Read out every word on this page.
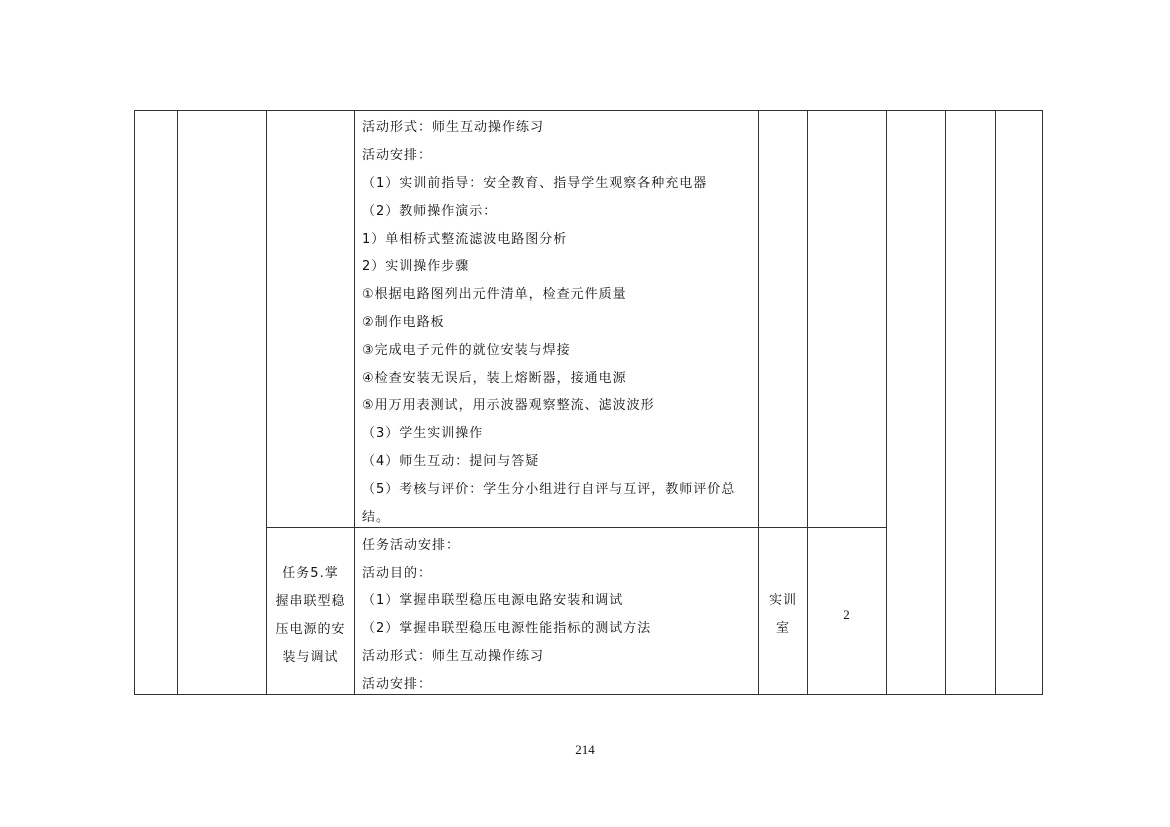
活动形式：师生互动操作练习
活动安排：
（1）实训前指导：安全教育、指导学生观察各种充电器
（2）教师操作演示：
1）单相桥式整流滤波电路图分析
2）实训操作步骤
①根据电路图列出元件清单，检查元件质量
②制作电路板
③完成电子元件的就位安装与焊接
④检查安装无误后，装上熔断器，接通电源
⑤用万用表测试，用示波器观察整流、滤波波形
（3）学生实训操作
（4）师生互动：提问与答疑
（5）考核与评价：学生分小组进行自评与互评，教师评价总
结。
任务5.掌
握串联型稳
压电源的安
装与调试
任务活动安排：
活动目的：
（1）掌握串联型稳压电源电路安装和调试
（2）掌握串联型稳压电源性能指标的测试方法
活动形式：师生互动操作练习
活动安排：
实训
室
2
214
